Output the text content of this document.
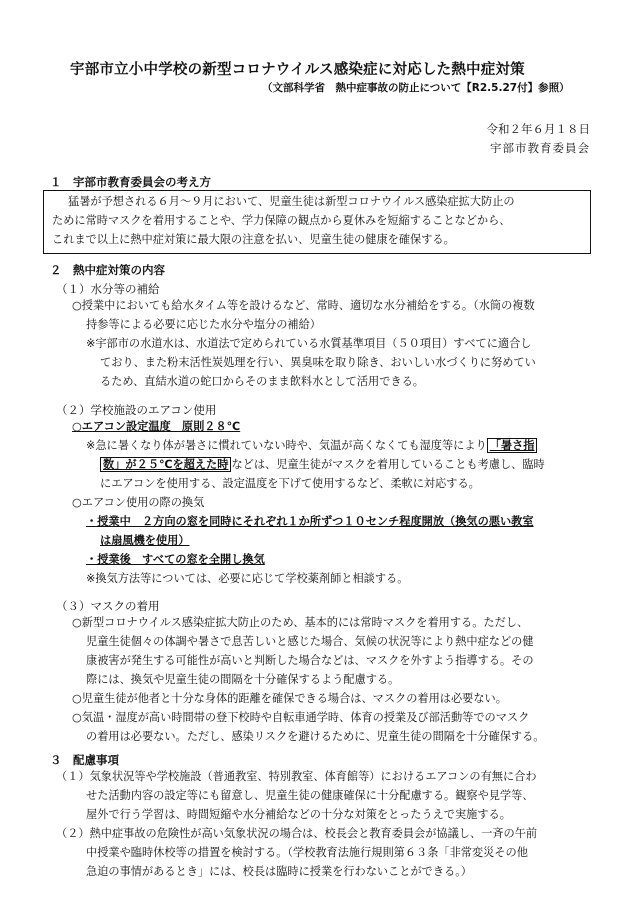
宇部市立小中学校の新型コロナウイルス感染症に対応した熱中症対策
（文部科学省　熱中症事故の防止について【R2.5.27付】参照）
令和２年６月１８日
宇部市教育委員会
１　宇部市教育委員会の考え方
猛暑が予想される６月～９月において、児童生徒は新型コロナウイルス感染症拡大防止の
ために常時マスクを着用することや、学力保障の観点から夏休みを短縮することなどから、
これまで以上に熱中症対策に最大限の注意を払い、児童生徒の健康を確保する。
２　熱中症対策の内容
（１）水分等の補給
○授業中においても給水タイム等を設けるなど、常時、適切な水分補給をする。（水筒の複数
持参等による必要に応じた水分や塩分の補給）
※宇部市の水道水は、水道法で定められている水質基準項目（５０項目）すべてに適合し
ており、また粉末活性炭処理を行い、異臭味を取り除き、おいしい水づくりに努めてい
るため、直結水道の蛇口からそのまま飲料水として活用できる。
（２）学校施設のエアコン使用
○エアコン設定温度　原則２８℃
※急に暑くなり体が暑さに慣れていない時や、気温が高くなくても湿度等により 「暑さ指
数」が２５℃を超えた時 などは、児童生徒がマスクを着用していることも考慮し、臨時
にエアコンを使用する、設定温度を下げて使用するなど、柔軟に対応する。
○エアコン使用の際の換気
・授業中　２方向の窓を同時にそれぞれ１か所ずつ１０センチ程度開放（換気の悪い教室
は扇風機を使用）
・授業後　すべての窓を全開し換気
※換気方法等については、必要に応じて学校薬剤師と相談する。
（３）マスクの着用
○新型コロナウイルス感染症拡大防止のため、基本的には常時マスクを着用する。ただし、
児童生徒個々の体調や暑さで息苦しいと感じた場合、気候の状況等により熱中症などの健
康被害が発生する可能性が高いと判断した場合などは、マスクを外すよう指導する。その
際には、換気や児童生徒の間隔を十分確保するよう配慮する。
○児童生徒が他者と十分な身体的距離を確保できる場合は、マスクの着用は必要ない。
○気温・湿度が高い時間帯の登下校時や自転車通学時、体育の授業及び部活動等でのマスク
の着用は必要ない。ただし、感染リスクを避けるために、児童生徒の間隔を十分確保する。
３　配慮事項
（１）気象状況等や学校施設（普通教室、特別教室、体育館等）におけるエアコンの有無に合わ
せた活動内容の設定等にも留意し、児童生徒の健康確保に十分配慮する。観察や見学等、
屋外で行う学習は、時間短縮や水分補給などの十分な対策をとったうえで実施する。
（２）熱中症事故の危険性が高い気象状況の場合は、校長会と教育委員会が協議し、一斉の午前
中授業や臨時休校等の措置を検討する。（学校教育法施行規則第６３条「非常変災その他
急迫の事情があるとき」には、校長は臨時に授業を行わないことができる。）
